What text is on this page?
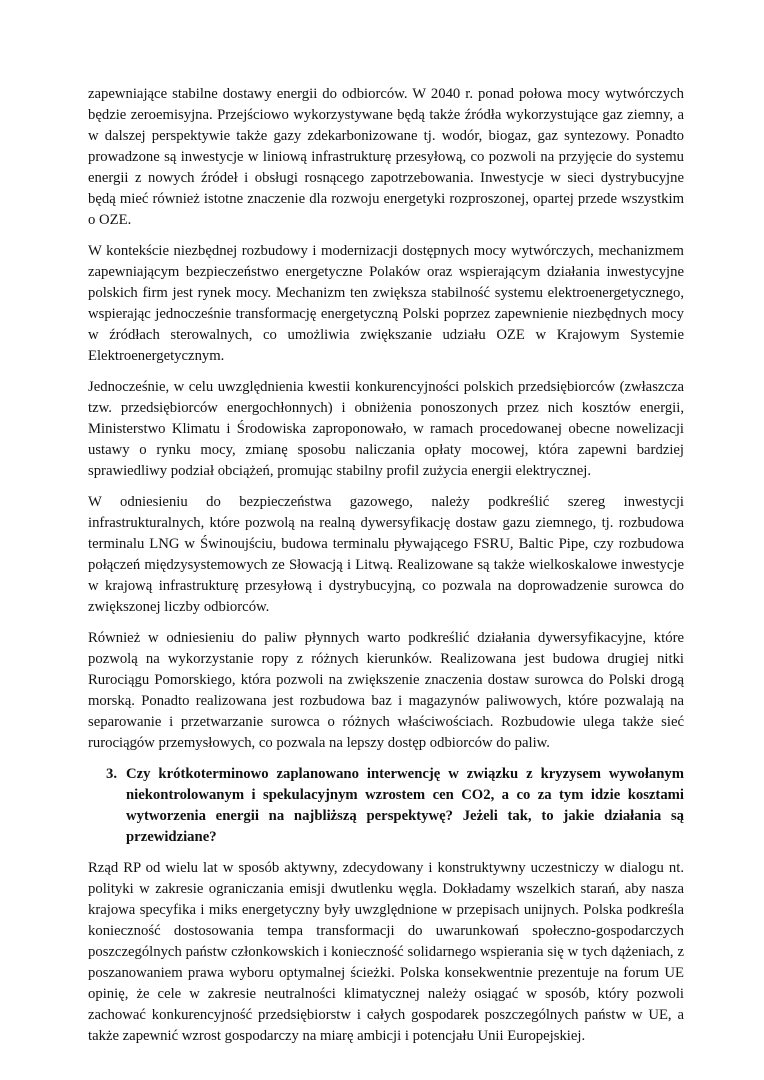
zapewniające stabilne dostawy energii do odbiorców. W 2040 r. ponad połowa mocy wytwórczych będzie zeroemisyjna. Przejściowo wykorzystywane będą także źródła wykorzystujące gaz ziemny, a w dalszej perspektywie także gazy zdekarbonizowane tj. wodór, biogaz, gaz syntezowy. Ponadto prowadzone są inwestycje w liniową infrastrukturę przesyłową, co pozwoli na przyjęcie do systemu energii z nowych źródeł i obsługi rosnącego zapotrzebowania. Inwestycje w sieci dystrybucyjne będą mieć również istotne znaczenie dla rozwoju energetyki rozproszonej, opartej przede wszystkim o OZE.

W kontekście niezbędnej rozbudowy i modernizacji dostępnych mocy wytwórczych, mechanizmem zapewniającym bezpieczeństwo energetyczne Polaków oraz wspierającym działania inwestycyjne polskich firm jest rynek mocy. Mechanizm ten zwiększa stabilność systemu elektroenergetycznego, wspierając jednocześnie transformację energetyczną Polski poprzez zapewnienie niezbędnych mocy w źródłach sterowalnych, co umożliwia zwiększanie udziału OZE w Krajowym Systemie Elektroenergetycznym.

Jednocześnie, w celu uwzględnienia kwestii konkurencyjności polskich przedsiębiorców (zwłaszcza tzw. przedsiębiorców energochłonnych) i obniżenia ponoszonych przez nich kosztów energii, Ministerstwo Klimatu i Środowiska zaproponowało, w ramach procedowanej obecne nowelizacji ustawy o rynku mocy, zmianę sposobu naliczania opłaty mocowej, która zapewni bardziej sprawiedliwy podział obciążeń, promując stabilny profil zużycia energii elektrycznej.

W odniesieniu do bezpieczeństwa gazowego, należy podkreślić szereg inwestycji infrastrukturalnych, które pozwolą na realną dywersyfikację dostaw gazu ziemnego, tj. rozbudowa terminalu LNG w Świnoujściu, budowa terminalu pływającego FSRU, Baltic Pipe, czy rozbudowa połączeń międzysystemowych ze Słowacją i Litwą. Realizowane są także wielkoskalowe inwestycje w krajową infrastrukturę przesyłową i dystrybucyjną, co pozwala na doprowadzenie surowca do zwiększonej liczby odbiorców.

Również w odniesieniu do paliw płynnych warto podkreślić działania dywersyfikacyjne, które pozwolą na wykorzystanie ropy z różnych kierunków. Realizowana jest budowa drugiej nitki Rurociągu Pomorskiego, która pozwoli na zwiększenie znaczenia dostaw surowca do Polski drogą morską. Ponadto realizowana jest rozbudowa baz i magazynów paliwowych, które pozwalają na separowanie i przetwarzanie surowca o różnych właściwościach. Rozbudowie ulega także sieć rurociągów przemysłowych, co pozwala na lepszy dostęp odbiorców do paliw.

3. Czy krótkoterminowo zaplanowano interwencję w związku z kryzysem wywołanym niekontrolowanym i spekulacyjnym wzrostem cen CO2, a co za tym idzie kosztami wytworzenia energii na najbliższą perspektywę? Jeżeli tak, to jakie działania są przewidziane?

Rząd RP od wielu lat w sposób aktywny, zdecydowany i konstruktywny uczestniczy w dialogu nt. polityki w zakresie ograniczania emisji dwutlenku węgla. Dokładamy wszelkich starań, aby nasza krajowa specyfika i miks energetyczny były uwzględnione w przepisach unijnych. Polska podkreśla konieczność dostosowania tempa transformacji do uwarunkowań społeczno-gospodarczych poszczególnych państw członkowskich i konieczność solidarnego wspierania się w tych dążeniach, z poszanowaniem prawa wyboru optymalnej ścieżki. Polska konsekwentnie prezentuje na forum UE opinię, że cele w zakresie neutralności klimatycznej należy osiągać w sposób, który pozwoli zachować konkurencyjność przedsiębiorstw i całych gospodarek poszczególnych państw w UE, a także zapewnić wzrost gospodarczy na miarę ambicji i potencjału Unii Europejskiej.
